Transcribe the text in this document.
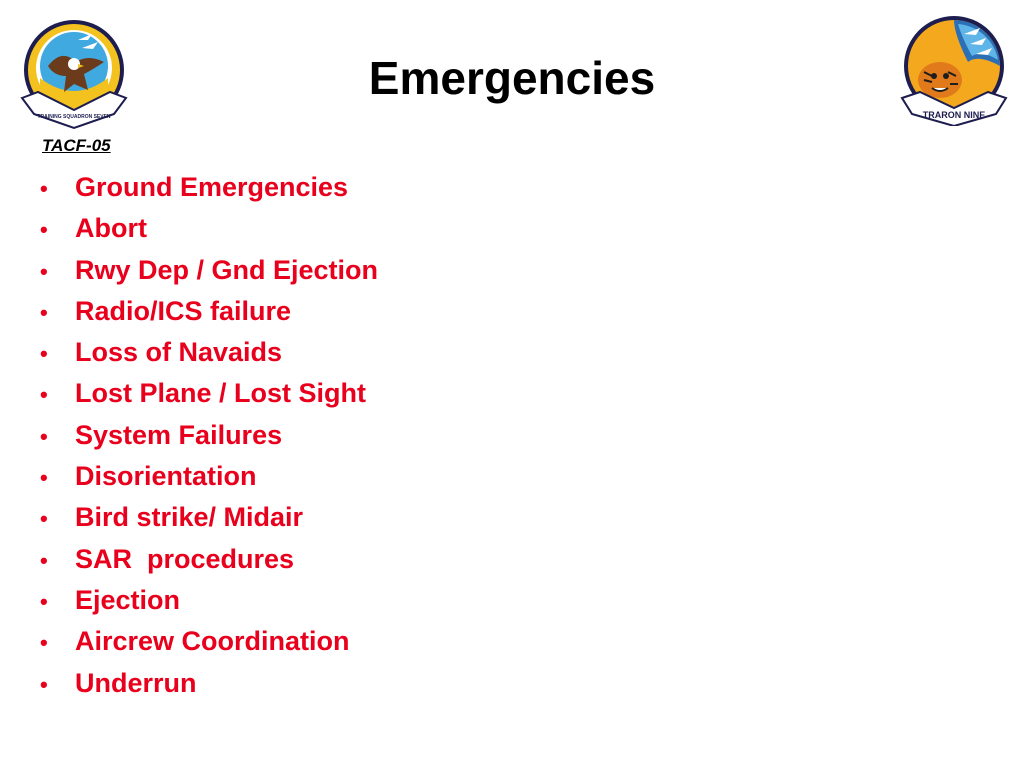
TRAINING SQUADRON SEVEN
Emergencies
TRARON NINE
TACF-05
•	Ground Emergencies
•	Abort
•	Rwy Dep / Gnd Ejection
•	Radio/ICS failure
•	Loss of Navaids
•	Lost Plane / Lost Sight
•	System Failures
•	Disorientation
•	Bird strike/ Midair
•	SAR  procedures
•	Ejection
•	Aircrew Coordination
•	Underrun
